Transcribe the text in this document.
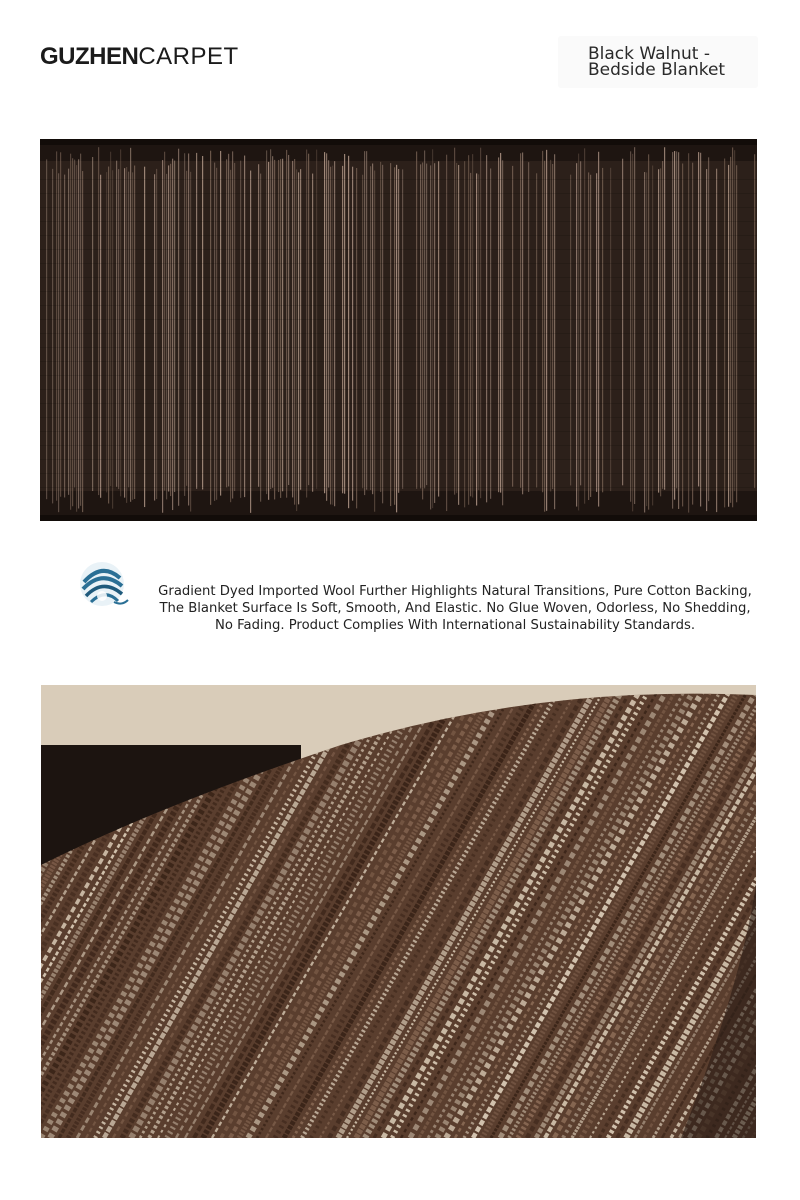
GUZHENCARPET	Black Walnut - Bedside Blanket
Gradient Dyed Imported Wool Further Highlights Natural Transitions, Pure Cotton Backing, The Blanket Surface Is Soft, Smooth, And Elastic. No Glue Woven, Odorless, No Shedding, No Fading. Product Complies With International Sustainability Standards.
